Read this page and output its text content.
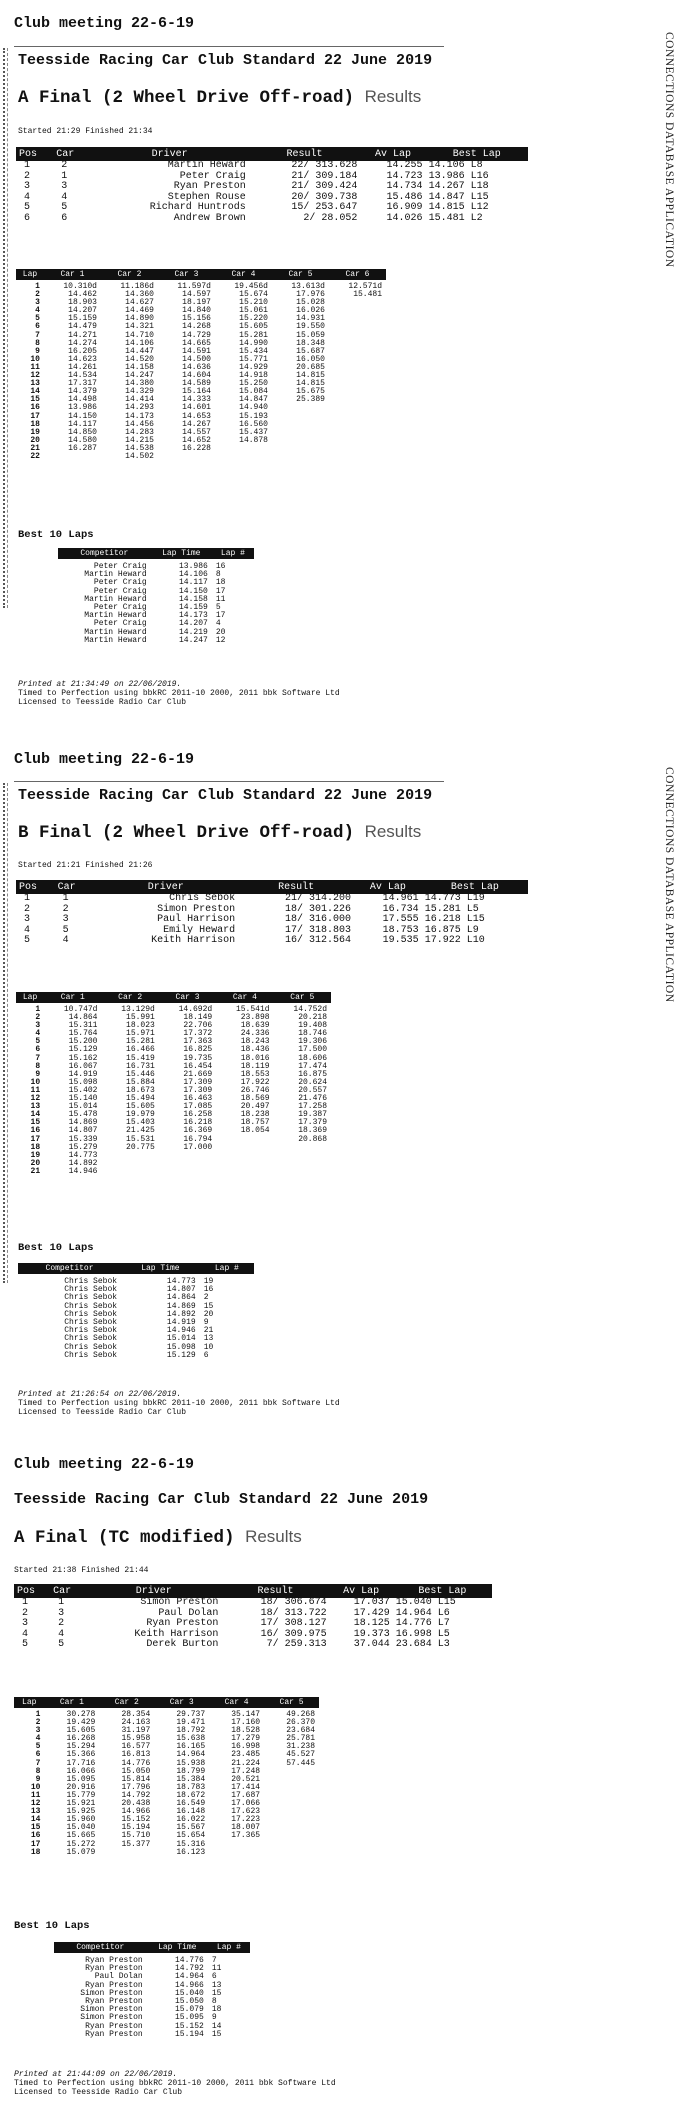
CONNECTIONS DATABASE APPLICATION
Club meeting 22-6-19
Teesside Racing Car Club Standard 22 June 2019
A Final (2 Wheel Drive Off-road) Results
Started 21:29 Finished 21:34
Pos	Car	Driver	Result	Av Lap	Best Lap
1	2	Martin Heward	22/ 313.628	14.255	14.106 L8
2	1	Peter Craig	21/ 309.184	14.723	13.986 L16
3	3	Ryan Preston	21/ 309.424	14.734	14.267 L18
4	4	Stephen Rouse	20/ 309.738	15.486	14.847 L15
5	5	Richard Huntrods	15/ 253.647	16.909	14.815 L12
6	6	Andrew Brown	2/ 28.052	14.026	15.481 L2
Lap	Car 1	Car 2	Car 3	Car 4	Car 5	Car 6
1	10.310d	11.186d	11.597d	19.456d	13.613d	12.571d
2	14.462	14.360	14.597	15.674	17.976	15.481
3	18.903	14.627	18.197	15.210	15.028	
4	14.207	14.469	14.840	15.061	16.026	
5	15.159	14.890	15.156	15.220	14.931	
6	14.479	14.321	14.268	15.605	19.550	
7	14.271	14.710	14.729	15.281	15.059	
8	14.274	14.106	14.665	14.990	18.348	
9	16.205	14.447	14.591	15.434	15.687	
10	14.623	14.520	14.500	15.771	16.050	
11	14.261	14.158	14.636	14.929	20.685	
12	14.534	14.247	14.604	14.918	14.815	
13	17.317	14.380	14.589	15.250	14.815	
14	14.379	14.329	15.164	15.084	15.675	
15	14.498	14.414	14.333	14.847	25.389	
16	13.986	14.293	14.601	14.940		
17	14.150	14.173	14.653	15.193		
18	14.117	14.456	14.267	16.560		
19	14.850	14.283	14.557	15.437		
20	14.580	14.215	14.652	14.878		
21	16.287	14.538	16.228			
22		14.502				
Best 10 Laps
Competitor	Lap Time	Lap #
Peter Craig	13.986	16
Martin Heward	14.106	8
Peter Craig	14.117	18
Peter Craig	14.150	17
Martin Heward	14.158	11
Peter Craig	14.159	5
Martin Heward	14.173	17
Peter Craig	14.207	4
Martin Heward	14.219	20
Martin Heward	14.247	12
Printed at 21:34:49 on 22/06/2019.
Timed to Perfection using bbkRC 2011-10 2000, 2011 bbk Software Ltd
Licensed to Teesside Radio Car Club
CONNECTIONS DATABASE APPLICATION
Club meeting 22-6-19
Teesside Racing Car Club Standard 22 June 2019
B Final (2 Wheel Drive Off-road) Results
Started 21:21 Finished 21:26
Pos	Car	Driver	Result	Av Lap	Best Lap
1	1	Chris Sebok	21/ 314.200	14.961	14.773 L19
2	2	Simon Preston	18/ 301.226	16.734	15.281 L5
3	3	Paul Harrison	18/ 316.000	17.555	16.218 L15
4	5	Emily Heward	17/ 318.803	18.753	16.875 L9
5	4	Keith Harrison	16/ 312.564	19.535	17.922 L10
Lap	Car 1	Car 2	Car 3	Car 4	Car 5
1	10.747d	13.129d	14.692d	15.541d	14.752d
2	14.864	15.991	18.149	23.898	20.218
3	15.311	18.023	22.706	18.639	19.408
4	15.764	15.971	17.372	24.336	18.746
5	15.200	15.281	17.363	18.243	19.306
6	15.129	16.466	16.825	18.436	17.500
7	15.162	15.419	19.735	18.016	18.606
8	16.067	16.731	16.454	18.119	17.474
9	14.919	15.446	21.669	18.553	16.875
10	15.098	15.884	17.309	17.922	20.624
11	15.402	18.673	17.309	26.746	20.557
12	15.140	15.494	16.463	18.569	21.476
13	15.014	15.605	17.085	20.497	17.258
14	15.478	19.979	16.258	18.238	19.387
15	14.869	15.403	16.218	18.757	17.379
16	14.807	21.425	16.369	18.054	18.369
17	15.339	15.531	16.794		20.868
18	15.279	20.775	17.000		
19	14.773				
20	14.892				
21	14.946				
Best 10 Laps
Competitor	Lap Time	Lap #
Chris Sebok	14.773	19
Chris Sebok	14.807	16
Chris Sebok	14.864	2
Chris Sebok	14.869	15
Chris Sebok	14.892	20
Chris Sebok	14.919	9
Chris Sebok	14.946	21
Chris Sebok	15.014	13
Chris Sebok	15.098	10
Chris Sebok	15.129	6
Printed at 21:26:54 on 22/06/2019.
Timed to Perfection using bbkRC 2011-10 2000, 2011 bbk Software Ltd
Licensed to Teesside Radio Car Club
Club meeting 22-6-19
Teesside Racing Car Club Standard 22 June 2019
A Final (TC modified) Results
Started 21:38 Finished 21:44
Pos	Car	Driver	Result	Av Lap	Best Lap
1	1	Simon Preston	18/ 306.674	17.037	15.040 L15
2	3	Paul Dolan	18/ 313.722	17.429	14.964 L6
3	2	Ryan Preston	17/ 308.127	18.125	14.776 L7
4	4	Keith Harrison	16/ 309.975	19.373	16.998 L5
5	5	Derek Burton	7/ 259.313	37.044	23.684 L3
Lap	Car 1	Car 2	Car 3	Car 4	Car 5
1	30.278	28.354	29.737	35.147	49.268
2	19.429	24.163	19.471	17.160	26.370
3	15.605	31.197	18.792	18.528	23.684
4	16.268	15.958	15.638	17.279	25.781
5	15.294	16.577	16.165	16.998	31.238
6	15.366	16.813	14.964	23.485	45.527
7	17.716	14.776	15.938	21.224	57.445
8	16.066	15.050	18.799	17.248	
9	15.095	15.814	15.384	20.521	
10	20.916	17.796	18.783	17.414	
11	15.779	14.792	18.672	17.687	
12	15.921	20.438	16.549	17.066	
13	15.925	14.966	16.148	17.623	
14	15.960	15.152	16.022	17.223	
15	15.040	15.194	15.567	18.007	
16	15.665	15.710	15.654	17.365	
17	15.272	15.377	15.316		
18	15.079		16.123		
Best 10 Laps
Competitor	Lap Time	Lap #
Ryan Preston	14.776	7
Ryan Preston	14.792	11
Paul Dolan	14.964	6
Ryan Preston	14.966	13
Simon Preston	15.040	15
Ryan Preston	15.050	8
Simon Preston	15.079	18
Simon Preston	15.095	9
Ryan Preston	15.152	14
Ryan Preston	15.194	15
Printed at 21:44:09 on 22/06/2019.
Timed to Perfection using bbkRC 2011-10 2000, 2011 bbk Software Ltd
Licensed to Teesside Radio Car Club
